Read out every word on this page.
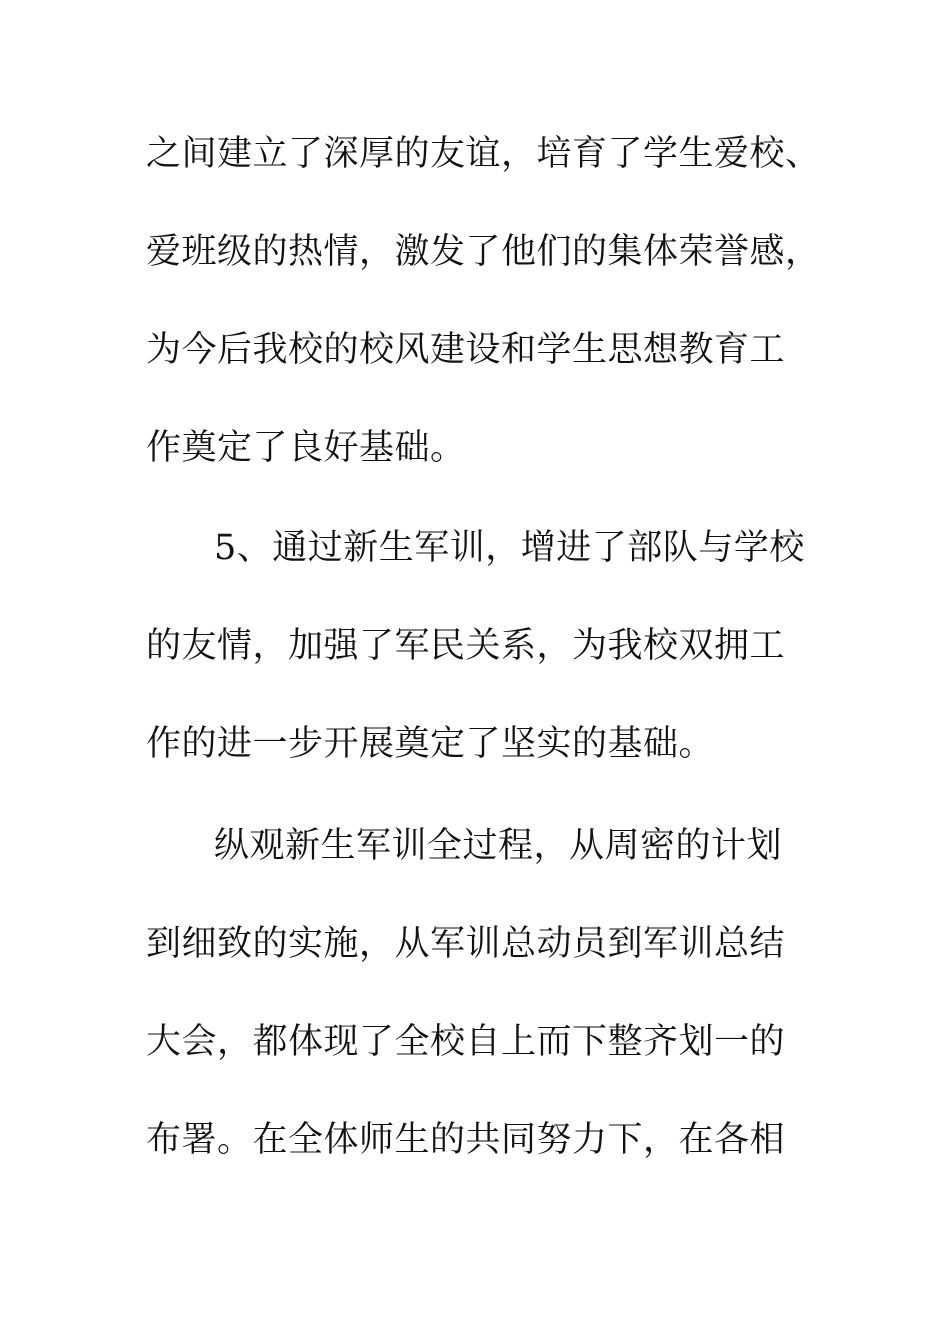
之间建立了深厚的友谊，培育了学生爱校、
爱班级的热情，激发了他们的集体荣誉感，
为今后我校的校风建设和学生思想教育工
作奠定了良好基础。
5、通过新生军训，增进了部队与学校
的友情，加强了军民关系，为我校双拥工
作的进一步开展奠定了坚实的基础。
纵观新生军训全过程，从周密的计划
到细致的实施，从军训总动员到军训总结
大会，都体现了全校自上而下整齐划一的
布署。在全体师生的共同努力下，在各相
